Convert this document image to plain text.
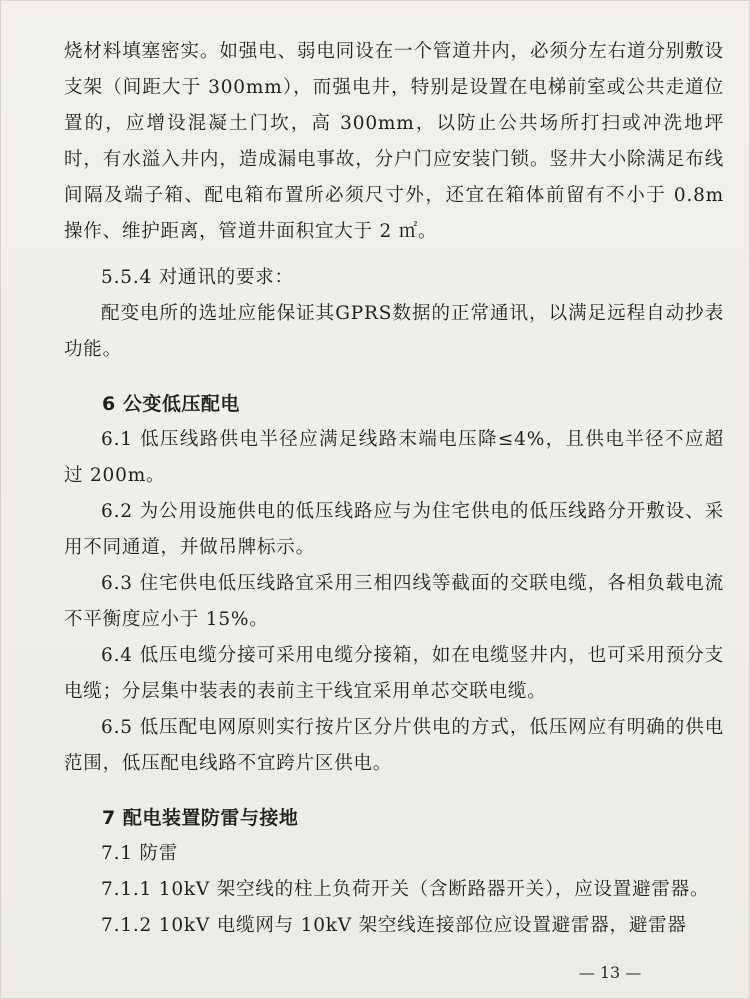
烧材料填塞密实。如强电、弱电同设在一个管道井内，必须分左右道分别敷设支架（间距大于 300mm），而强电井，特别是设置在电梯前室或公共走道位置的，应增设混凝土门坎，高 300mm，以防止公共场所打扫或冲洗地坪时，有水溢入井内，造成漏电事故，分户门应安装门锁。竖井大小除满足布线间隔及端子箱、配电箱布置所必须尺寸外，还宜在箱体前留有不小于 0.8m 操作、维护距离，管道井面积宜大于 2 ㎡。

5.5.4 对通讯的要求：

配变电所的选址应能保证其GPRS数据的正常通讯，以满足远程自动抄表功能。

6 公变低压配电

6.1 低压线路供电半径应满足线路末端电压降≤4%，且供电半径不应超过 200m。

6.2 为公用设施供电的低压线路应与为住宅供电的低压线路分开敷设、采用不同通道，并做吊牌标示。

6.3 住宅供电低压线路宜采用三相四线等截面的交联电缆，各相负载电流不平衡度应小于 15%。

6.4 低压电缆分接可采用电缆分接箱，如在电缆竖井内，也可采用预分支电缆；分层集中装表的表前主干线宜采用单芯交联电缆。

6.5 低压配电网原则实行按片区分片供电的方式，低压网应有明确的供电范围，低压配电线路不宜跨片区供电。

7 配电装置防雷与接地

7.1 防雷

7.1.1 10kV 架空线的柱上负荷开关（含断路器开关），应设置避雷器。

7.1.2 10kV 电缆网与 10kV 架空线连接部位应设置避雷器，避雷器

— 13 —
